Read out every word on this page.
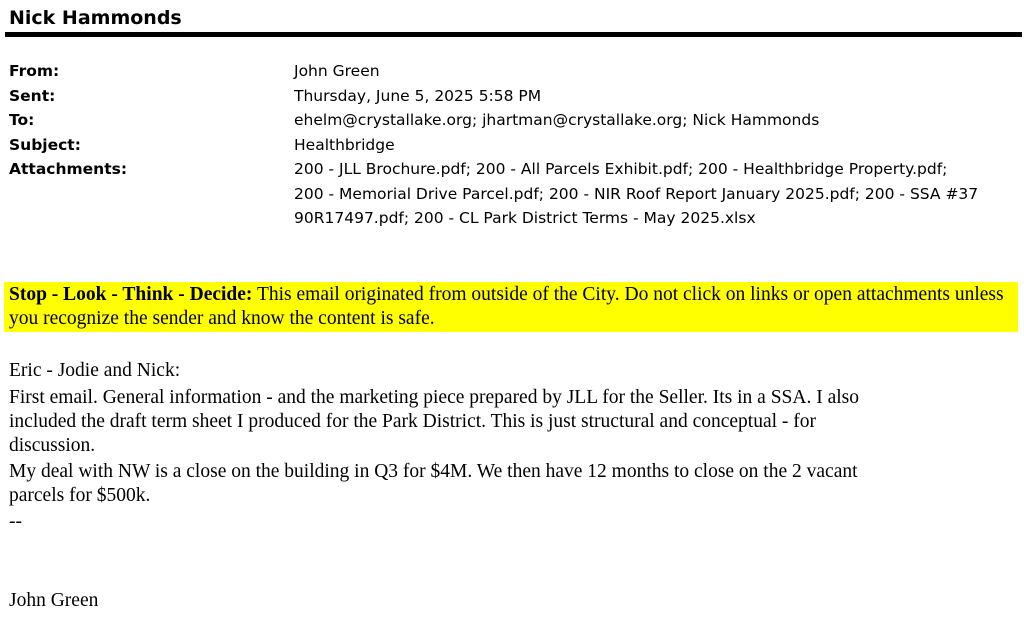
Nick Hammonds
From:	John Green
Sent:	Thursday, June 5, 2025 5:58 PM
To:	ehelm@crystallake.org; jhartman@crystallake.org; Nick Hammonds
Subject:	Healthbridge
Attachments:	200 - JLL Brochure.pdf; 200 - All Parcels Exhibit.pdf; 200 - Healthbridge Property.pdf;
200 - Memorial Drive Parcel.pdf; 200 - NIR Roof Report January 2025.pdf; 200 - SSA #37
90R17497.pdf; 200 - CL Park District Terms - May 2025.xlsx
Stop - Look - Think - Decide: This email originated from outside of the City. Do not click on links or open attachments unless you recognize the sender and know the content is safe.
Eric - Jodie and Nick:
First email. General information - and the marketing piece prepared by JLL for the Seller. Its in a SSA. I also
included the draft term sheet I produced for the Park District. This is just structural and conceptual - for
discussion.
My deal with NW is a close on the building in Q3 for $4M. We then have 12 months to close on the 2 vacant
parcels for $500k.
--
John Green
